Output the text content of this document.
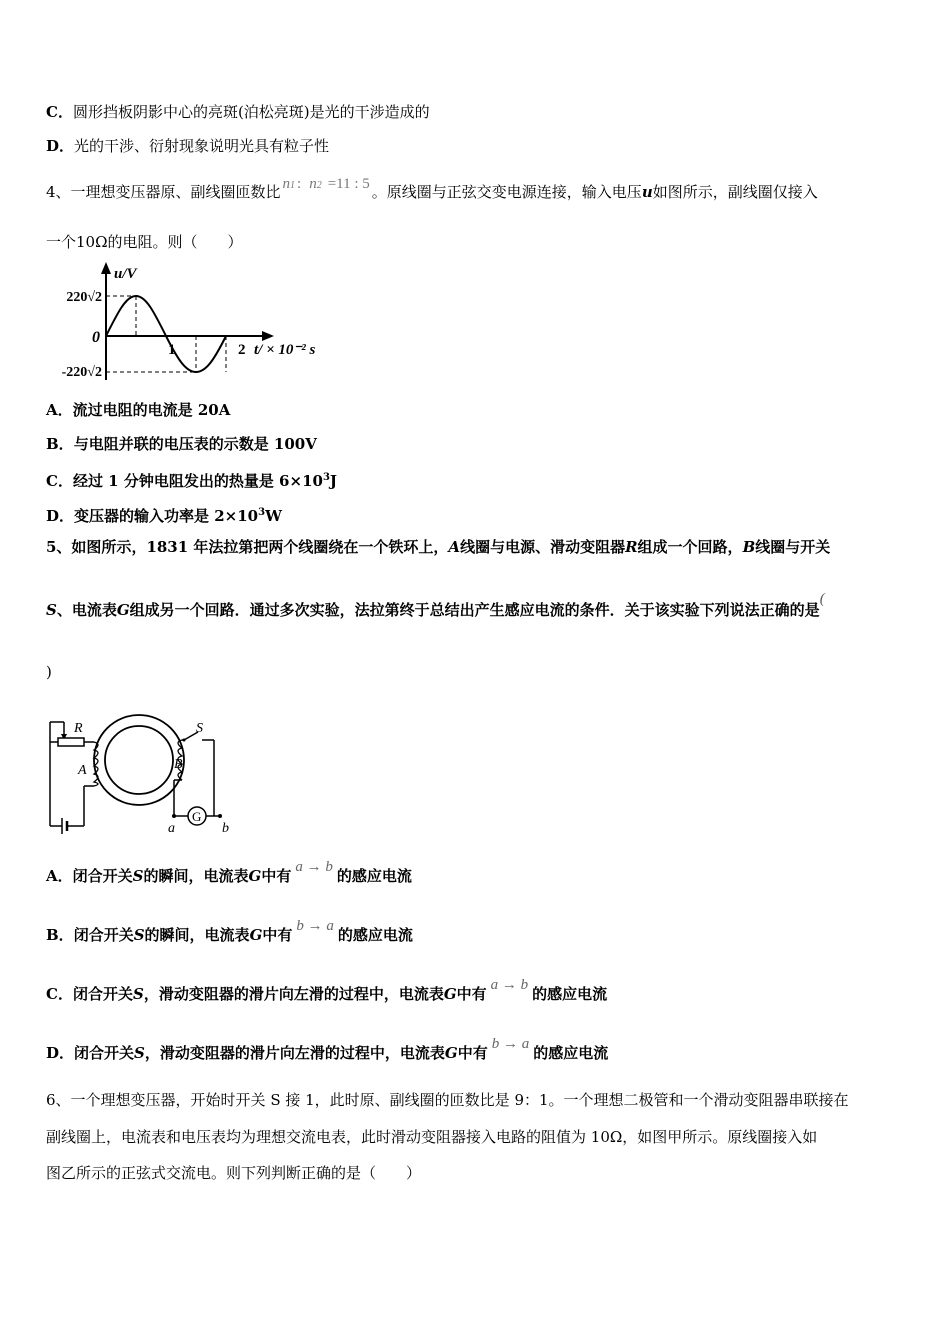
C．圆形挡板阴影中心的亮斑(泊松亮斑)是光的干涉造成的
D．光的干涉、衍射现象说明光具有粒子性
4、一理想变压器原、副线圈匝数比 n1 : n2 =11 : 5 。原线圈与正弦交变电源连接，输入电压u如图所示，副线圈仅接入
一个10Ω的电阻。则（　　）
u/V
220√2
0
-220√2
1	2 t/ × 10⁻² s
A．流过电阻的电流是 20A
B．与电阻并联的电压表的示数是 100V
C．经过 1 分钟电阻发出的热量是 $6\times 10^3J$
D．变压器的输入功率是 $2\times 10^3W$
5、如图所示，1831 年法拉第把两个线圈绕在一个铁环上，A线圈与电源、滑动变阻器R组成一个回路，B线圈与开关
S、电流表G组成另一个回路．通过多次实验，法拉第终于总结出产生感应电流的条件．关于该实验下列说法正确的是(
)
R
A	B
S
G
a	b
A．闭合开关S的瞬间，电流表G中有 a → b 的感应电流
B．闭合开关S的瞬间，电流表G中有 b → a 的感应电流
C．闭合开关S，滑动变阻器的滑片向左滑的过程中，电流表G中有 a → b 的感应电流
D．闭合开关S，滑动变阻器的滑片向左滑的过程中，电流表G中有 b → a 的感应电流
6、一个理想变压器，开始时开关 S 接 1，此时原、副线圈的匝数比是 9：1。一个理想二极管和一个滑动变阻器串联接在
副线圈上，电流表和电压表均为理想交流电表，此时滑动变阻器接入电路的阻值为 10Ω，如图甲所示。原线圈接入如
图乙所示的正弦式交流电。则下列判断正确的是（　　）
